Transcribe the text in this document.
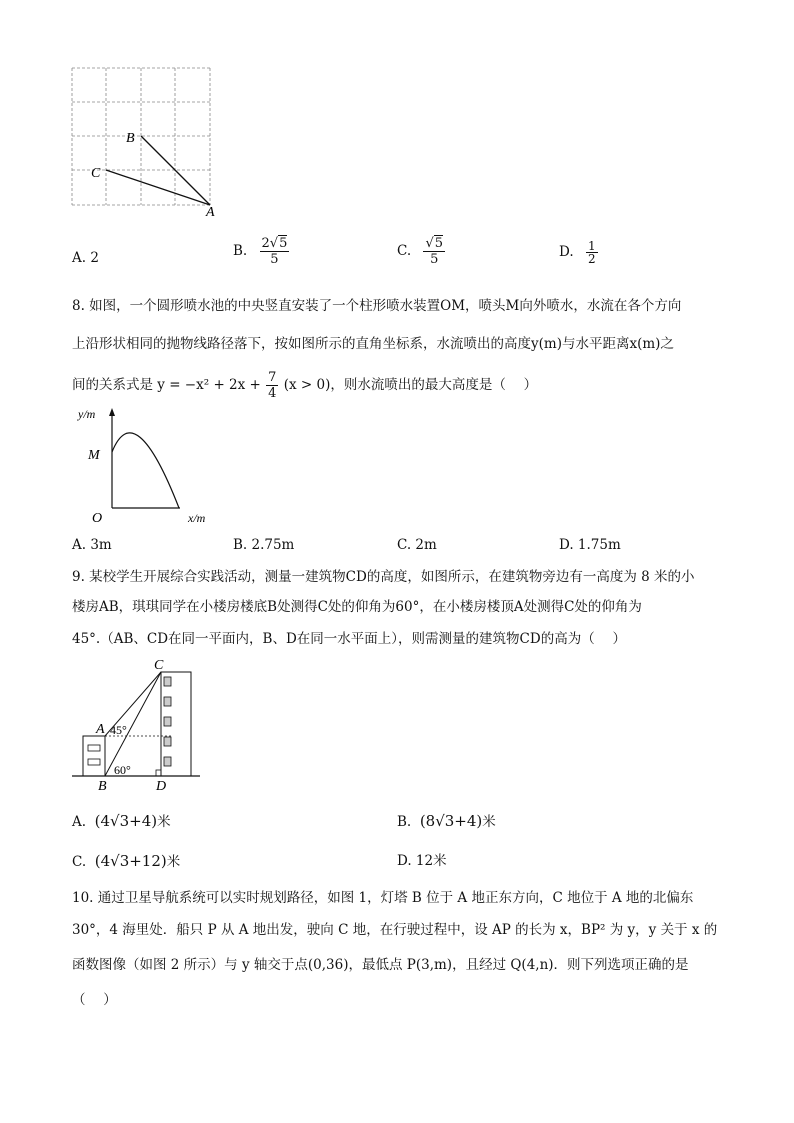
B
C
A
A. 2	B. $\frac{2√5}{5}$	C. $\frac{√5}{5}$	D. $\frac{1}{2}$
8. 如图，一个圆形喷水池的中央竖直安装了一个柱形喷水装置OM，喷头M向外喷水，水流在各个方向
上沿形状相同的抛物线路径落下，按如图所示的直角坐标系，水流喷出的高度y(m)与水平距离x(m)之
间的关系式是 $y = -x^2 + 2x + \frac{7}{4} (x > 0)$，则水流喷出的最大高度是（　 ）
y/m
M
O	x/m
A. 3m	B. 2.75m	C. 2m	D. 1.75m
9. 某校学生开展综合实践活动，测量一建筑物CD的高度，如图所示，在建筑物旁边有一高度为 8 米的小
楼房AB，琪琪同学在小楼房楼底B处测得C处的仰角为60°，在小楼房楼顶A处测得C处的仰角为
45°.（AB、CD在同一平面内，B、D在同一水平面上），则需测量的建筑物CD的高为（　 ）
C
A 45°
60°
B	D
A. (4√3+4)米	B. (8√3+4)米
C. (4√3+12)米	D. 12米
10. 通过卫星导航系统可以实时规划路径，如图 1，灯塔 B 位于 A 地正东方向，C 地位于 A 地的北偏东
30°，4 海里处．船只 P 从 A 地出发，驶向 C 地，在行驶过程中，设 AP 的长为 x，BP² 为 y，y 关于 x 的
函数图像（如图 2 所示）与 y 轴交于点(0,36)，最低点 P(3,m)，且经过 Q(4,n)．则下列选项正确的是
（　 ）
